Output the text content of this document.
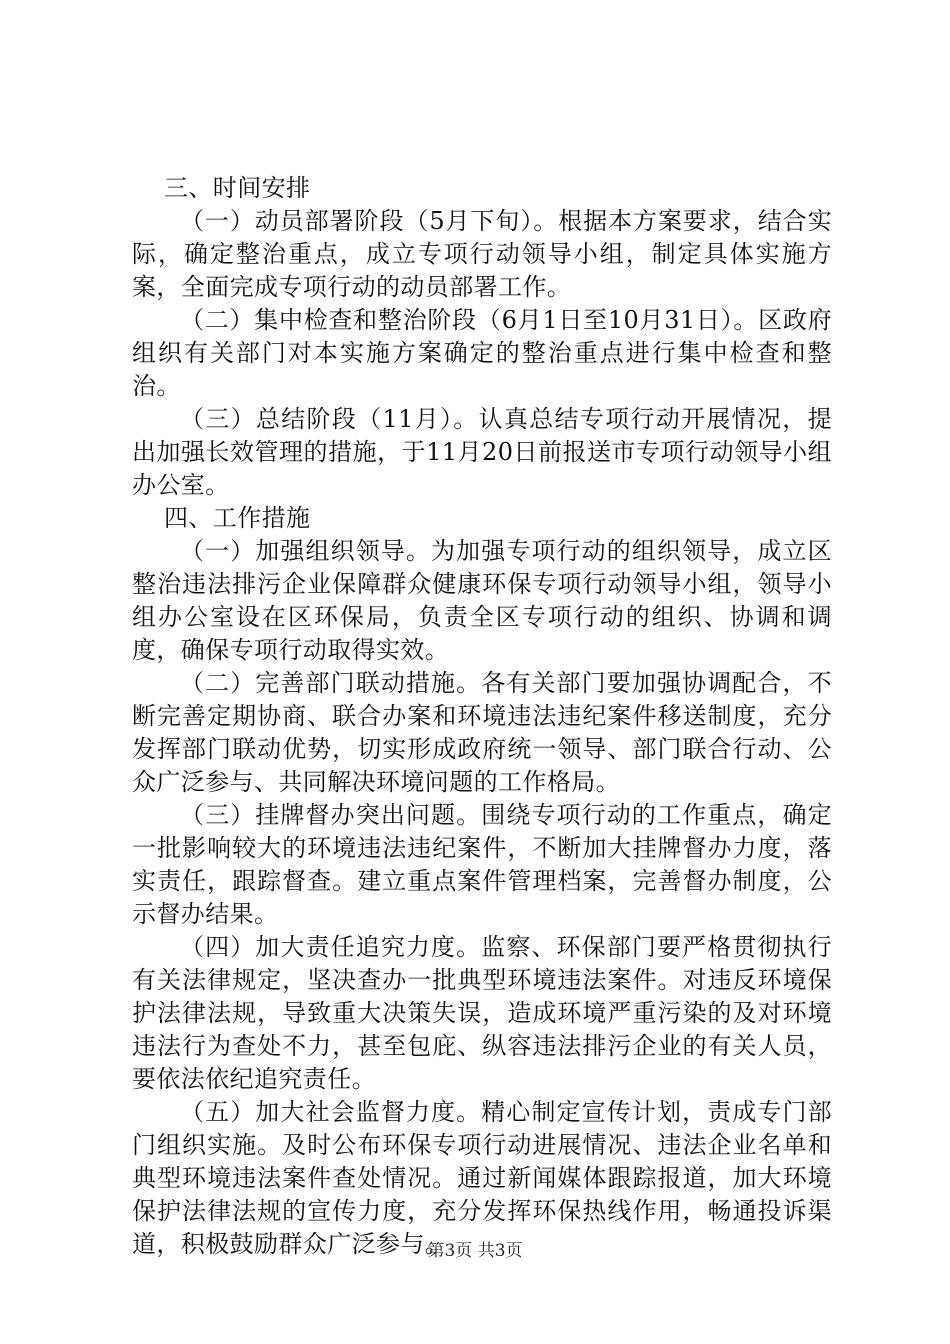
三、时间安排

（一）动员部署阶段（5月下旬）。根据本方案要求，结合实际，确定整治重点，成立专项行动领导小组，制定具体实施方案，全面完成专项行动的动员部署工作。

（二）集中检查和整治阶段（6月1日至10月31日）。区政府组织有关部门对本实施方案确定的整治重点进行集中检查和整治。

（三）总结阶段（11月）。认真总结专项行动开展情况，提出加强长效管理的措施，于11月20日前报送市专项行动领导小组办公室。

四、工作措施

（一）加强组织领导。为加强专项行动的组织领导，成立区整治违法排污企业保障群众健康环保专项行动领导小组，领导小组办公室设在区环保局，负责全区专项行动的组织、协调和调度，确保专项行动取得实效。

（二）完善部门联动措施。各有关部门要加强协调配合，不断完善定期协商、联合办案和环境违法违纪案件移送制度，充分发挥部门联动优势，切实形成政府统一领导、部门联合行动、公众广泛参与、共同解决环境问题的工作格局。

（三）挂牌督办突出问题。围绕专项行动的工作重点，确定一批影响较大的环境违法违纪案件，不断加大挂牌督办力度，落实责任，跟踪督查。建立重点案件管理档案，完善督办制度，公示督办结果。

（四）加大责任追究力度。监察、环保部门要严格贯彻执行有关法律规定，坚决查办一批典型环境违法案件。对违反环境保护法律法规，导致重大决策失误，造成环境严重污染的及对环境违法行为查处不力，甚至包庇、纵容违法排污企业的有关人员，要依法依纪追究责任。

（五）加大社会监督力度。精心制定宣传计划，责成专门部门组织实施。及时公布环保专项行动进展情况、违法企业名单和典型环境违法案件查处情况。通过新闻媒体跟踪报道，加大环境保护法律法规的宣传力度，充分发挥环保热线作用，畅通投诉渠道，积极鼓励群众广泛参与。

第3页 共3页
